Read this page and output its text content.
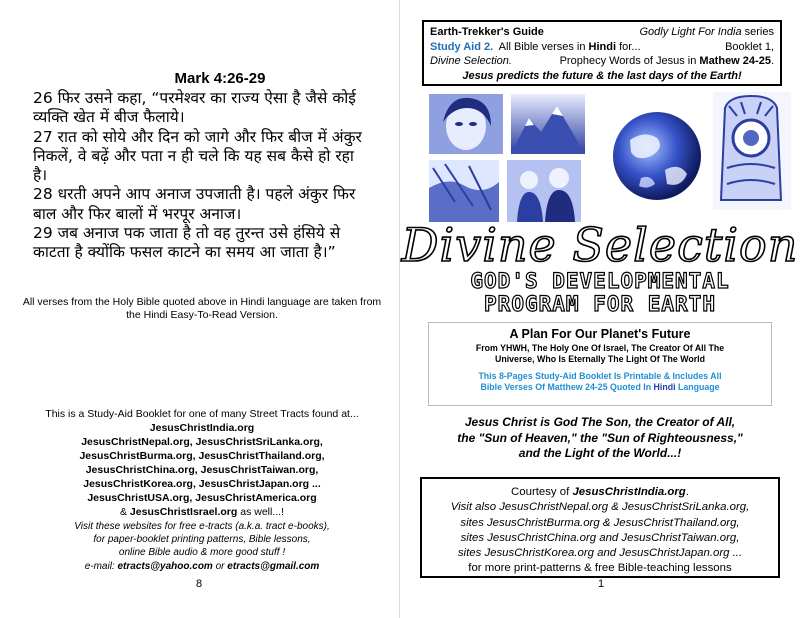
Mark 4:26-29

26 फिर उसने कहा, “परमेश्वर का राज्य ऐसा है जैसे कोई व्यक्ति खेत में बीज फैलाये।

27 रात को सोये और दिन को जागे और फिर बीज में अंकुर निकलें, वे बढ़ें और पता न ही चले कि यह सब कैसे हो रहा है।

28 धरती अपने आप अनाज उपजाती है। पहले अंकुर फिर बाल और फिर बालों में भरपूर अनाज।

29 जब अनाज पक जाता है तो वह तुरन्त उसे हंसिये से काटता है क्योंकि फसल काटने का समय आ जाता है।”

All verses from the Holy Bible quoted above in Hindi language are taken from the Hindi Easy-To-Read Version.
This is a Study-Aid Booklet for one of many Street Tracts found at...
JesusChristIndia.org
JesusChristNepal.org, JesusChristSriLanka.org,
JesusChristBurma.org, JesusChristThailand.org,
JesusChristChina.org, JesusChristTaiwan.org,
JesusChristKorea.org, JesusChristJapan.org ...
JesusChristUSA.org, JesusChristAmerica.org
& JesusChristIsrael.org as well...!
Visit these websites for free e-tracts (a.k.a. tract e-books),
for paper-booklet printing patterns, Bible lessons,
online Bible audio & more good stuff !
e-mail: etracts@yahoo.com or etracts@gmail.com
8
Earth-Trekker's Guide	Godly Light For India series
Study Aid 2. All Bible verses in Hindi for...	Booklet 1,
Divine Selection.	Prophecy Words of Jesus in Mathew 24-25.
Jesus predicts the future & the last days of the Earth!
Divine Selection
GOD'S DEVELOPMENTAL
PROGRAM FOR EARTH
A Plan For Our Planet's Future
From YHWH, The Holy One Of Israel, The Creator Of All The
Universe, Who Is Eternally The Light Of The World
This 8-Pages Study-Aid Booklet Is Printable & Includes All
Bible Verses Of Matthew 24-25 Quoted In Hindi Language
Jesus Christ is God The Son, the Creator of All,
the "Sun of Heaven," the "Sun of Righteousness,"
and the Light of the World...!
Courtesy of JesusChristIndia.org.
Visit also JesusChristNepal.org & JesusChristSriLanka.org,
sites JesusChristBurma.org & JesusChristThailand.org,
sites JesusChristChina.org and JesusChristTaiwan.org,
sites JesusChristKorea.org and JesusChristJapan.org ...
for more print-patterns & free Bible-teaching lessons
1
